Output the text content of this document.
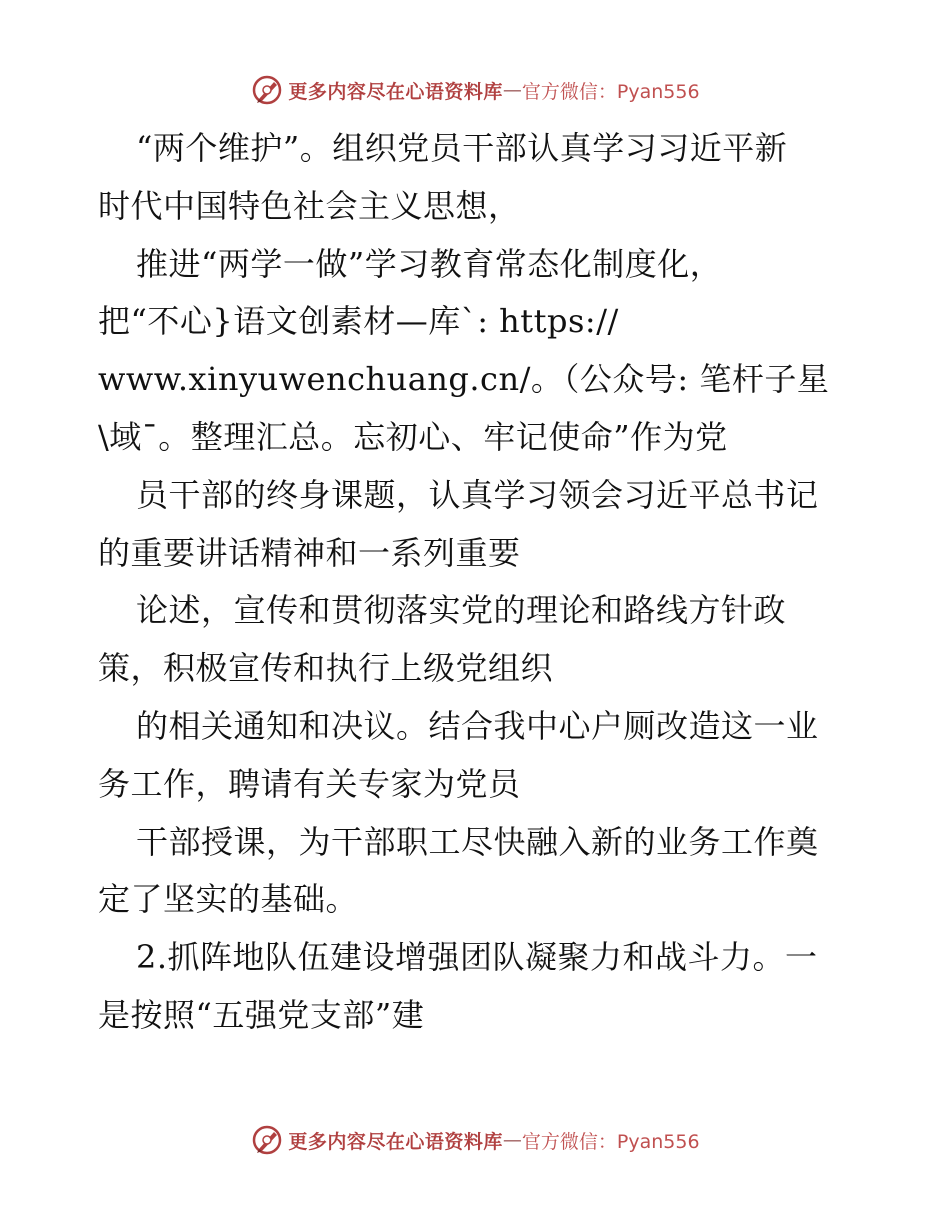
更多内容尽在心语资料库 — 官方微信：Pyan556
“两个维护”。组织党员干部认真学习习近平新
时代中国特色社会主义思想，
推进“两学一做”学习教育常态化制度化，
把“不心}语文创素材—库`: https://
www.xinyuwenchuang.cn/。（公众号: 笔杆子星
\域¯。整理汇总。忘初心、牢记使命”作为党
员干部的终身课题，认真学习领会习近平总书记
的重要讲话精神和一系列重要
论述，宣传和贯彻落实党的理论和路线方针政
策，积极宣传和执行上级党组织
的相关通知和决议。结合我中心户厕改造这一业
务工作，聘请有关专家为党员
干部授课，为干部职工尽快融入新的业务工作奠
定了坚实的基础。
2.抓阵地队伍建设增强团队凝聚力和战斗力。一
是按照“五强党支部”建
更多内容尽在心语资料库 — 官方微信：Pyan556
